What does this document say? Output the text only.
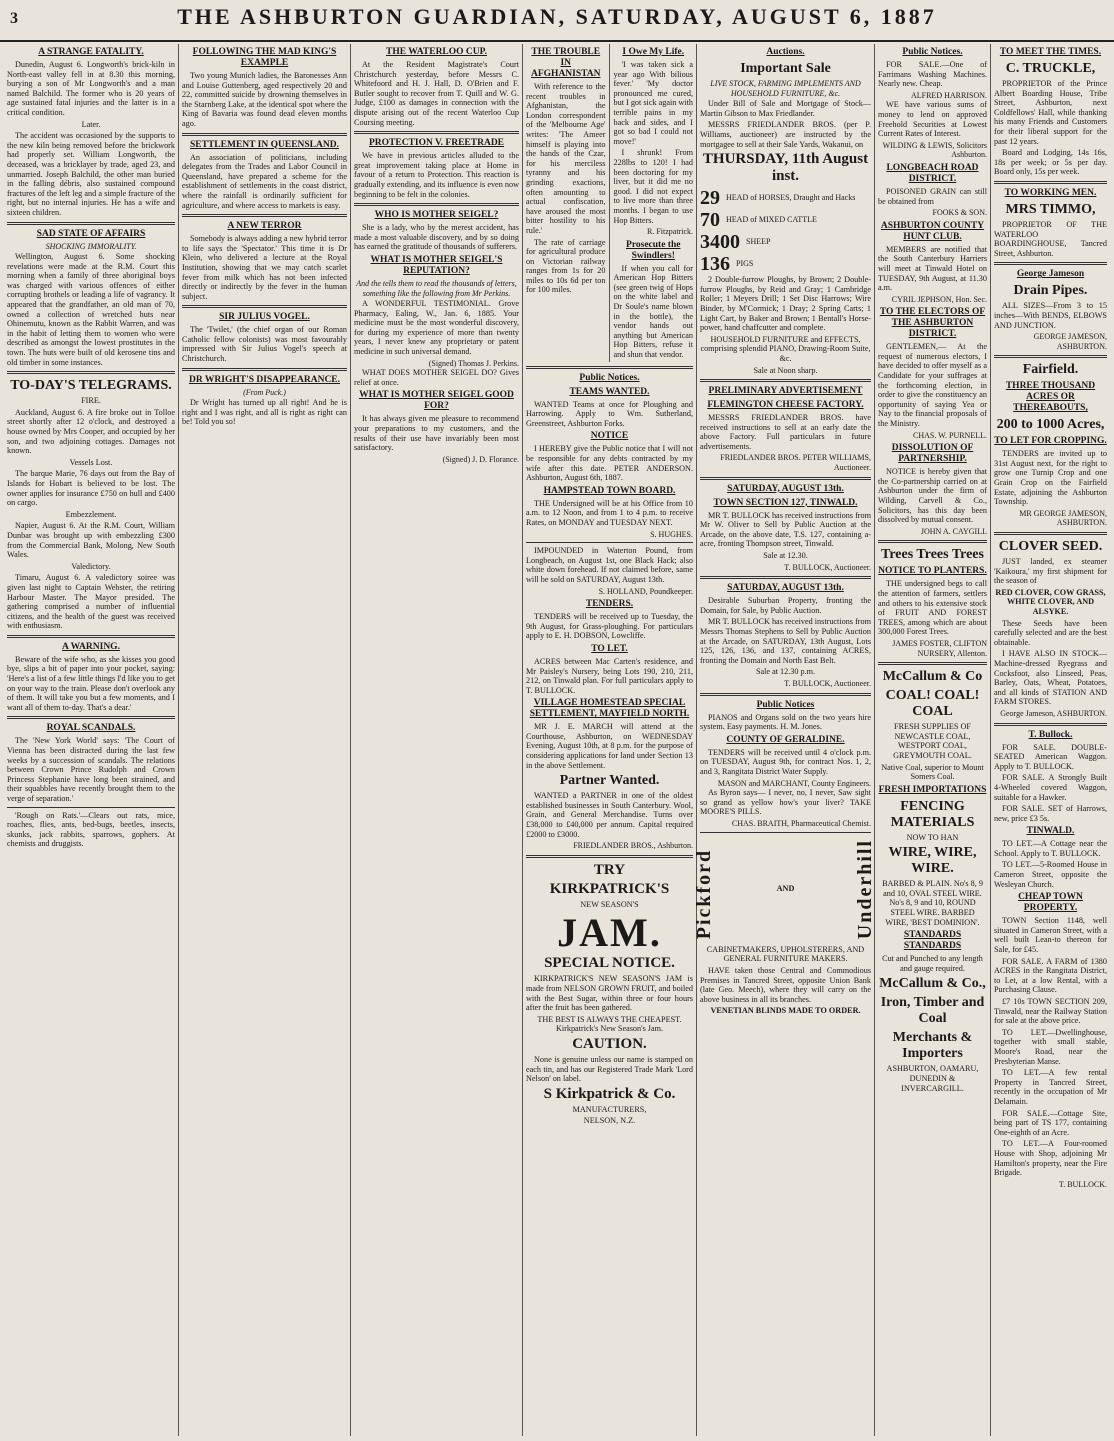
3	THE ASHBURTON GUARDIAN, SATURDAY, AUGUST 6, 1887
A STRANGE FATALITY.

Dunedin, August 6. Longworth's brick-kiln in North-east valley fell in at 8.30 this morning, burying a son of Mr Longworth's and a man named Balchild. The former who is 20 years of age sustained fatal injuries and the latter is in a critical condition.

Later.

The accident was occasioned by the supports to the new kiln being removed before the brickwork had properly set. William Longworth, the deceased, was a bricklayer by trade, aged 23, and unmarried. Joseph Balchild, the other man buried in the falling débris, also sustained compound fractures of the left leg and a simple fracture of the right, but no internal injuries. He has a wife and sixteen children.

SAD STATE OF AFFAIRS
SHOCKING IMMORALITY.

Wellington, August 6. Some shocking revelations were made at the R.M. Court this morning when a family of three aboriginal boys was charged with various offences of either corrupting brothels or leading a life of vagrancy. It appeared that the grandfather, an old man of 70, owned a collection of wretched huts near Ohinemutu, known as the Rabbit Warren, and was in the habit of letting them to women who were described as amongst the lowest prostitutes in the town. The huts were built of old kerosene tins and old timber in some instances.

TO-DAY'S TELEGRAMS.

FIRE.

Auckland, August 6. A fire broke out in Tolloe street shortly after 12 o'clock, and destroyed a house owned by Mrs Cooper, and occupied by her son, and two adjoining cottages. Damages not known.

Vessels Lost.

The barque Marie, 76 days out from the Bay of Islands for Hobart is believed to be lost. The owner applies for insurance £750 on hull and £400 on cargo.

Embezzlement.

Napier, August 6. At the R.M. Court, William Dunbar was brought up with embezzling £300 from the Commercial Bank, Molong, New South Wales.

Valedictory.

Timaru, August 6. A valedictory soiree was given last night to Captain Webster, the retiring Harbour Master. The Mayor presided. The gathering comprised a number of influential citizens, and the health of the guest was received with enthusiasm.

A WARNING.

Beware of the wife who, as she kisses you good bye, slips a bit of paper into your pocket, saying: 'Here's a list of a few little things I'd like you to get on your way to the train. Please don't overlook any of them. It will take you but a few moments, and I want all of them to-day. That's a dear.'

ROYAL SCANDALS.

The 'New York World' says: 'The Court of Vienna has been distracted during the last few weeks by a succession of scandals. The relations between Crown Prince Rudolph and Crown Princess Stephanie have long been strained, and their squabbles have recently brought them to the verge of separation.'

'Rough on Rats.'—Clears out rats, mice, roaches, flies, ants, bed-bugs, beetles, insects, skunks, jack rabbits, sparrows, gophers. At chemists and druggists.

FOLLOWING THE MAD KING'S EXAMPLE

Two young Munich ladies, the Baronesses Ann and Louise Guttenberg, aged respectively 20 and 22, committed suicide by drowning themselves in the Starnberg Lake, at the identical spot where the King of Bavaria was found dead eleven months ago.

SETTLEMENT IN QUEENSLAND.

An association of politicians, including delegates from the Trades and Labor Council in Queensland, have prepared a scheme for the establishment of settlements in the coast district, where the rainfall is ordinarily sufficient for agriculture, and where access to markets is easy.

A NEW TERROR

Somebody is always adding a new hybrid terror to life says the 'Spectator.' This time it is Dr Klein, who delivered a lecture at the Royal Institution, showing that we may catch scarlet fever from milk which has not been infected directly or indirectly by the fever in the human subject.

SIR JULIUS VOGEL.

The 'Twilet,' (the chief organ of our Roman Catholic fellow colonists) was most favourably impressed with Sir Julius Vogel's speech at Christchurch.

DR WRIGHT'S DISAPPEARANCE.
(From Puck.)

Dr Wright has turned up all right! And he is right and I was right, and all is right as right can be! Told you so!

THE WATERLOO CUP.

At the Resident Magistrate's Court Christchurch yesterday, before Messrs C. Whitefoord and H. J. Hall, D. O'Brien and F. Butler sought to recover from T. Quill and W. G. Judge, £100 as damages in connection with the dispute arising out of the recent Waterloo Cup Coursing meeting.

PROTECTION V. FREETRADE

We have in previous articles alluded to the great improvement taking place at Home in favour of a return to Protection. This reaction is gradually extending, and its influence is even now beginning to be felt in the colonies.

WHO IS MOTHER SEIGEL?

She is a lady, who by the merest accident, has made a most valuable discovery, and by so doing has earned the gratitude of thousands of sufferers.

WHAT IS MOTHER SEIGEL'S REPUTATION?
And the tells them to read the thousands of letters, something like the following from Mr Perkins.

A WONDERFUL TESTIMONIAL. Grove Pharmacy, Ealing, W., Jan. 6, 1885. Your medicine must be the most wonderful discovery, for during my experience of more than twenty years, I never knew any proprietary or patent medicine in such universal demand.

(Signed) Thomas J. Perkins.

WHAT DOES MOTHER SEIGEL DO? Gives relief at once.

WHAT IS MOTHER SEIGEL GOOD FOR?

It has always given me pleasure to recommend your preparations to my customers, and the results of their use have invariably been most satisfactory.

(Signed) J. D. Florance.
THE TROUBLE IN AFGHANISTAN

With reference to the recent troubles in Afghanistan, the London correspondent of the 'Melbourne Age' writes: 'The Ameer himself is playing into the hands of the Czar, for his merciless tyranny and his grinding exactions, often amounting to actual confiscation, have aroused the most bitter hostility to his rule.'

The rate of carriage for agricultural produce on Victorian railway ranges from 1s for 20 miles to 10s 6d per ton for 100 miles.

I Owe My Life.

'I was taken sick a year ago With bilious fever.' 'My doctor pronounced me cured, but I got sick again with terrible pains in my back and sides, and I got so bad I could not move!'

I shrunk! From 228lbs to 120! I had been doctoring for my liver, but it did me no good. I did not expect to live more than three months. I began to use Hop Bitters.

R. Fitzpatrick.
Prosecute the Swindlers!

If when you call for American Hop Bitters (see green twig of Hops on the white label and Dr Soule's name blown in the bottle), the vendor hands out anything but American Hop Bitters, refuse it and shun that vendor.

Public Notices.
TEAMS WANTED.

WANTED Teams at once for Ploughing and Harrowing. Apply to Wm. Sutherland, Greenstreet, Ashburton Forks.

NOTICE

I HEREBY give the Public notice that I will not be responsible for any debts contracted by my wife after this date. PETER ANDERSON. Ashburton, August 6th, 1887.

HAMPSTEAD TOWN BOARD.

THE Undersigned will be at his Office from 10 a.m. to 12 Noon, and from 1 to 4 p.m. to receive Rates, on MONDAY and TUESDAY NEXT.

S. HUGHES.

IMPOUNDED in Waterton Pound, from Longbeach, on August 1st, one Black Hack; also white down forehead. If not claimed before, same will be sold on SATURDAY, August 13th.

S. HOLLAND, Poundkeeper.
TENDERS.

TENDERS will be received up to Tuesday, the 9th August, for Grass-ploughing. For particulars apply to E. H. DOBSON, Lowcliffe.

TO LET.

ACRES between Mac Carten's residence, and Mr Paisley's Nursery, being Lots 190, 210, 211, 212, on Tinwald plan. For full particulars apply to T. BULLOCK.

VILLAGE HOMESTEAD SPECIAL SETTLEMENT, MAYFIELD NORTH.

MR J. E. MARCH will attend at the Courthouse, Ashburton, on WEDNESDAY Evening, August 10th, at 8 p.m. for the purpose of considering applications for land under Section 13 in the above Settlement.

Partner Wanted.

WANTED a PARTNER in one of the oldest established businesses in South Canterbury. Wool, Grain, and General Merchandise. Turns over £38,000 to £40,000 per annum. Capital required £2000 to £3000.

FRIEDLANDER BROS., Ashburton.

TRY

KIRKPATRICK'S

NEW SEASON'S

JAM.

SPECIAL NOTICE.

KIRKPATRICK'S NEW SEASON'S JAM is made from NELSON GROWN FRUIT, and boiled with the Best Sugar, within three or four hours after the fruit has been gathered.

THE BEST IS ALWAYS THE CHEAPEST. Kirkpatrick's New Season's Jam.

CAUTION.

None is genuine unless our name is stamped on each tin, and has our Registered Trade Mark 'Lord Nelson' on label.

S Kirkpatrick & Co.

MANUFACTURERS,

NELSON, N.Z.

Auctions.
Important Sale
LIVE STOCK, FARMING IMPLEMENTS AND HOUSEHOLD FURNITURE, &c.

Under Bill of Sale and Mortgage of Stock—Martin Gibson to Max Friedlander.

MESSRS FRIEDLANDER BROS. (per P. Williams, auctioneer) are instructed by the mortgagee to sell at their Sale Yards, Wakanui, on

THURSDAY, 11th August inst.

29 HEAD of HORSES, Draught and Hacks
70 HEAD of MIXED CATTLE
3400 SHEEP
136 PIGS

2 Double-furrow Ploughs, by Brown; 2 Double-furrow Ploughs, by Reid and Gray; 1 Cambridge Roller; 1 Meyers Drill; 1 Set Disc Harrows; Wire Binder, by M'Cormick; 1 Dray; 2 Spring Carts; 1 Light Cart, by Baker and Brown; 1 Bentall's Horse-power, hand chaffcutter and complete.

HOUSEHOLD FURNITURE and EFFECTS, comprising splendid PIANO, Drawing-Room Suite, &c.

Sale at Noon sharp.

PRELIMINARY ADVERTISEMENT
FLEMINGTON CHEESE FACTORY.

MESSRS FRIEDLANDER BROS. have received instructions to sell at an early date the above Factory. Full particulars in future advertisements.

FRIEDLANDER BROS. PETER WILLIAMS, Auctioneer.
SATURDAY, AUGUST 13th.
TOWN SECTION 127, TINWALD.

MR T. BULLOCK has received instructions from Mr W. Oliver to Sell by Public Auction at the Arcade, on the above date, T.S. 127, containing a-acre, fronting Thompson street, Tinwald.

Sale at 12.30.

T. BULLOCK, Auctioneer.
SATURDAY, AUGUST 13th.

Desirable Suburban Property, fronting the Domain, for Sale, by Public Auction.

MR T. BULLOCK has received instructions from Messrs Thomas Stephens to Sell by Public Auction at the Arcade, on SATURDAY, 13th August, Lots 125, 126, 136, and 137, containing ACRES, fronting the Domain and North East Belt.

Sale at 12.30 p.m.

T. BULLOCK, Auctioneer.
Public Notices

PIANOS and Organs sold on the two years hire system. Easy payments. H. M. Jones.

COUNTY OF GERALDINE.

TENDERS will be received until 4 o'clock p.m. on TUESDAY, August 9th, for contract Nos. 1, 2, and 3, Rangitata District Water Supply.

MASON and MARCHANT, County Engineers.

As Byron says— I never, no, I never, Saw sight so grand as yellow how's your liver? TAKE MOORE'S PILLS.

CHAS. BRAITH, Pharmaceutical Chemist.
Pickford	AND	Underhill

CABINETMAKERS, UPHOLSTERERS, AND GENERAL FURNITURE MAKERS.

HAVE taken those Central and Commodious Premises in Tancred Street, opposite Union Bank (late Geo. Meech), where they will carry on the above business in all its branches.

VENETIAN BLINDS MADE TO ORDER.

Public Notices.

FOR SALE.—One of Farrimans Washing Machines. Nearly new. Cheap.

ALFRED HARRISON.

WE have various sums of money to lend on approved Freehold Securities at Lowest Current Rates of Interest.

WILDING & LEWIS, Solicitors Ashburton.
LONGBEACH ROAD DISTRICT.

POISONED GRAIN can still be obtained from

FOOKS & SON.
ASHBURTON COUNTY HUNT CLUB.

MEMBERS are notified that the South Canterbury Harriers will meet at Tinwald Hotel on TUESDAY, 9th August, at 11.30 a.m.

CYRIL JEPHSON, Hon. Sec.
TO THE ELECTORS OF THE ASHBURTON DISTRICT.

GENTLEMEN,— At the request of numerous electors, I have decided to offer myself as a Candidate for your suffrages at the forthcoming election, in order to give the constituency an opportunity of saying Yea or Nay to the financial proposals of the Ministry.

CHAS. W. PURNELL.
DISSOLUTION OF PARTNERSHIP.

NOTICE is hereby given that the Co-partnership carried on at Ashburton under the firm of Wilding, Carvell & Co., Solicitors, has this day been dissolved by mutual consent.

JOHN A. CAYGILL
Trees Trees Trees
NOTICE TO PLANTERS.

THE undersigned begs to call the attention of farmers, settlers and others to his extensive stock of FRUIT AND FOREST TREES, among which are about 300,000 Forest Trees.

JAMES FOSTER, CLIFTON NURSERY, Allenton.
McCallum & Co
COAL! COAL! COAL

FRESH SUPPLIES OF NEWCASTLE COAL, WESTPORT COAL, GREYMOUTH COAL.

Native Coal, superior to Mount Somers Coal.

FRESH IMPORTATIONS
FENCING MATERIALS

NOW TO HAN

WIRE, WIRE, WIRE.

BARBED & PLAIN. No's 8, 9 and 10, OVAL STEEL WIRE. No's 8, 9 and 10, ROUND STEEL WIRE. BARBED WIRE, 'BEST DOMINION'.

STANDARDS STANDARDS

Cut and Punched to any length and gauge required.

McCallum & Co.,
Iron, Timber and Coal
Merchants & Importers

ASHBURTON, OAMARU, DUNEDIN & INVERCARGILL.

TO MEET THE TIMES.
C. TRUCKLE,

PROPRIETOR of the Prince Albert Boarding House, Tribe Street, Ashburton, next Coldfellows' Hall, while thanking his many Friends and Customers for their liberal support for the past 12 years.

Board and Lodging, 14s 16s, 18s per week; or 5s per day. Board only, 15s per week.

TO WORKING MEN.
MRS TIMMO,

PROPRIETOR OF THE WATERLOO BOARDINGHOUSE, Tancred Street, Ashburton.

George Jameson
Drain Pipes.

ALL SIZES—From 3 to 15 inches—With BENDS, ELBOWS AND JUNCTION.

GEORGE JAMESON, ASHBURTON.
Fairfield.
THREE THOUSAND ACRES OR THEREABOUTS,
200 to 1000 Acres,
TO LET FOR CROPPING.

TENDERS are invited up to 31st August next, for the right to grow one Turnip Crop and one Grain Crop on the Fairfield Estate, adjoining the Ashburton Township.

MR GEORGE JAMESON, ASHBURTON.
CLOVER SEED.

JUST landed, ex steamer 'Kaikoura,' my first shipment for the season of

RED CLOVER, COW GRASS, WHITE CLOVER, AND ALSYKE.

These Seeds have been carefully selected and are the best obtainable.

I HAVE ALSO IN STOCK— Machine-dressed Ryegrass and Cocksfoot, also Linseed, Peas, Barley, Oats, Wheat, Potatoes, and all kinds of STATION AND FARM STORES.

George Jameson, ASHBURTON.
T. Bullock.

FOR SALE. DOUBLE-SEATED American Waggon. Apply to T. BULLOCK.

FOR SALE. A Strongly Built 4-Wheeled covered Waggon, suitable for a Hawker.

FOR SALE. SET of Harrows, new, price £3 5s.

TINWALD.

TO LET.—A Cottage near the School. Apply to T. BULLOCK.

TO LET.—5-Roomed House in Cameron Street, opposite the Wesleyan Church.

CHEAP TOWN PROPERTY.

TOWN Section 1148, well situated in Cameron Street, with a well built Lean-to thereon for Sale, for £45.

FOR SALE. A FARM of 1380 ACRES in the Rangitata District, to Let, at a low Rental, with a Purchasing Clause.

£7 10s TOWN SECTION 209, Tinwald, near the Railway Station for sale at the above price.

TO LET.—Dwellinghouse, together with small stable, Moore's Road, near the Presbyterian Manse.

TO LET.—A few rental Property in Tancred Street, recently in the occupation of Mr Delamain.

FOR SALE.—Cottage Site, being part of TS 177, containing One-eighth of an Acre.

TO LET.—A Four-roomed House with Shop, adjoining Mr Hamilton's property, near the Fire Brigade.

T. BULLOCK.
